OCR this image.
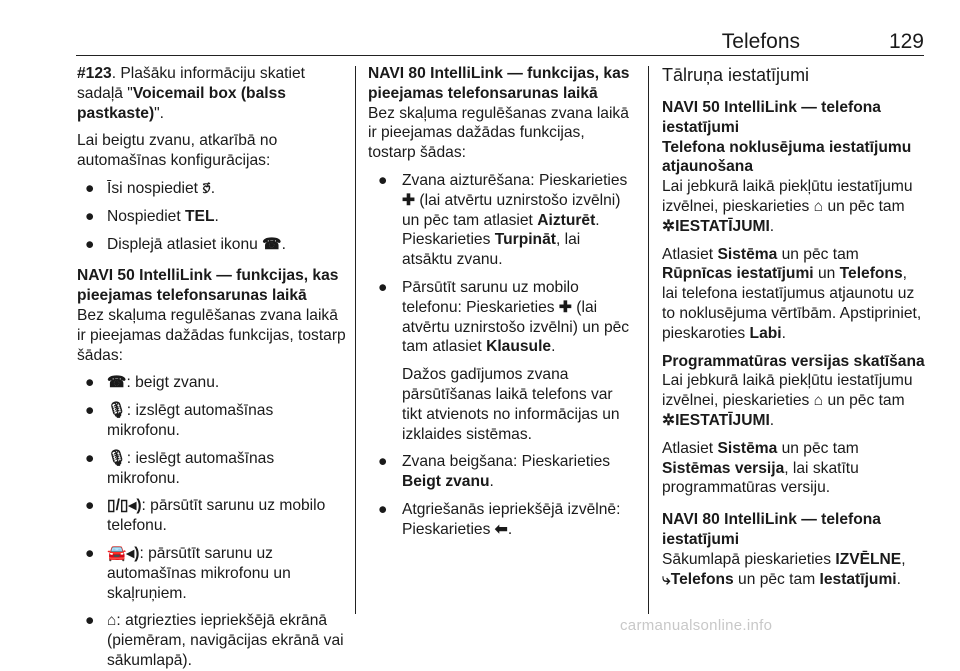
Telefons	129

#123. Plašāku informāciju skatiet sadaļā "Voicemail box (balss pastkaste)".

Lai beigtu zvanu, atkarībā no automašīnas konfigurācijas:

● Īsi nospiediet 🙑.

● Nospiediet TEL.

● Displejā atlasiet ikonu ☎.

NAVI 50 IntelliLink — funkcijas, kas pieejamas telefonsarunas laikā

Bez skaļuma regulēšanas zvana laikā ir pieejamas dažādas funkcijas, tostarp šādas:

● ☎: beigt zvanu.

● 🎙: izslēgt automašīnas mikrofonu.

● 🎙: ieslēgt automašīnas mikrofonu.

● ▯/▯◂): pārsūtīt sarunu uz mobilo telefonu.

● 🚘◂): pārsūtīt sarunu uz automašīnas mikrofonu un skaļruņiem.

● ⌂: atgriezties iepriekšējā ekrānā (piemēram, navigācijas ekrānā vai sākumlapā).

NAVI 80 IntelliLink — funkcijas, kas pieejamas telefonsarunas laikā

Bez skaļuma regulēšanas zvana laikā ir pieejamas dažādas funkcijas, tostarp šādas:

● Zvana aizturēšana: Pieskarieties ✚ (lai atvērtu uznirstošo izvēlni) un pēc tam atlasiet Aizturēt. Pieskarieties Turpināt, lai atsāktu zvanu.

● Pārsūtīt sarunu uz mobilo telefonu: Pieskarieties ✚ (lai atvērtu uznirstošo izvēlni) un pēc tam atlasiet Klausule.

Dažos gadījumos zvana pārsūtīšanas laikā telefons var tikt atvienots no informācijas un izklaides sistēmas.

● Zvana beigšana: Pieskarieties Beigt zvanu.

● Atgriešanās iepriekšējā izvēlnē: Pieskarieties ⬅.

Tālruņa iestatījumi

NAVI 50 IntelliLink — telefona iestatījumi

Telefona noklusējuma iestatījumu atjaunošana

Lai jebkurā laikā piekļūtu iestatījumu izvēlnei, pieskarieties ⌂ un pēc tam ✲IESTATĪJUMI.

Atlasiet Sistēma un pēc tam Rūpnīcas iestatījumi un Telefons, lai telefona iestatījumus atjaunotu uz to noklusējuma vērtībām. Apstipriniet, pieskaroties Labi.

Programmatūras versijas skatīšana

Lai jebkurā laikā piekļūtu iestatījumu izvēlnei, pieskarieties ⌂ un pēc tam ✲IESTATĪJUMI.

Atlasiet Sistēma un pēc tam Sistēmas versija, lai skatītu programmatūras versiju.

NAVI 80 IntelliLink — telefona iestatījumi

Sākumlapā pieskarieties IZVĒLNE,
⤷Telefons un pēc tam Iestatījumi.

carmanualsonline.info
